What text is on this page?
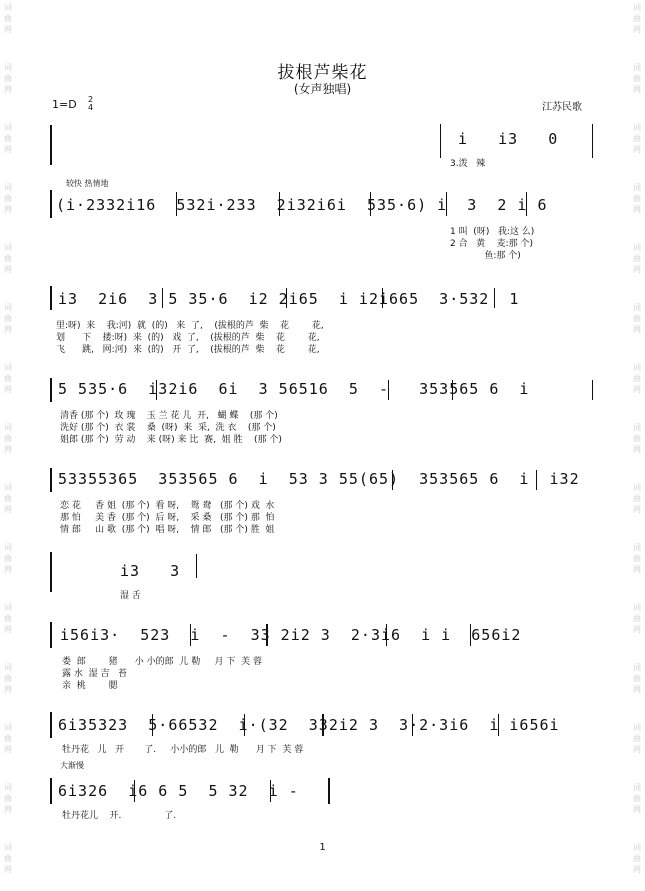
词
曲
网
词
曲
网
词
曲
网
词
曲
网
词
曲
网
词
曲
网
词
曲
网
词
曲
网
词
曲
网
词
曲
网
词
曲
网
词
曲
网
词
曲
网
词
曲
网
词
曲
网
词
曲
网
词
曲
网
词
曲
网
词
曲
网
词
曲
网
词
曲
网
词
曲
网
词
曲
网
词
曲
网
词
曲
网
词
曲
网
词
曲
网
词
曲
网
词
曲
网
词
曲
网
拔根芦柴花
(女声独唱)
1=D 2
4	江苏民歌
i   i3   0
3.泼   辣
较快 热情地
(i·2332i16  532i·233  2i32i6i  535·6) i  3  2 i 6
1 叫  (呀)   我:这 么)
2 合   黄    麦:那 个)
鱼:那 个)
i3  2i6  3 5 35·6  i2 2i65  i i2i665  3·532  1
里:呀)  来    我:河)  就  (的)   来  了,    (拔根的芦  柴    花        花,
划      下    搂:呀)  来  (的)   戏  了,    (拔根的芦  柴    花        花,
飞      跳,   网:河)  来  (的)   开  了,    (拔根的芦  柴    花        花,
5 535·6  i32i6  6i  3 56516  5  -   353565 6  i
清香 (那 个)  玫 瑰    玉 兰 花 儿  开,   蝴 蝶    (那 个)
洗好 (那 个)  衣 裳    桑  (呀)  来  采,  洗 衣    (那 个)
姐郎 (那 个)  劳 动    来 (呀) 来 比  赛,  姐 胜    (那 个)
53355365  353565 6  i  53 3 55(65)  353565 6  i  i32
恋 花     香 姐  (那 个)  看 呀,    鸳 鸯   (那 个) 戏  水
那 怕     美 香  (那 个)  后 呀,    采 桑   (那 个) 那  怕
情 郎     山 歌  (那 个)  唱 呀,    情 郎   (那 个) 胜  姐
i3   3
湿 舌
i56i3·  523  i  -  33 2i2 3  2·3i6  i i  656i2
娄  郎        猪      小 小的郎  儿 勒     月 下  芙 蓉
露 水  湿 吉   苔
亲  桃        腮
6i35323  5·66532  i·(32  332i2 3  3·2·3i6  i i656i
牡丹花   儿   开       了.     小小的郎   儿  勒      月 下  芙 蓉
大渐慢
6i326  i6 6 5  5 32  i -
牡丹花儿    开.               了.
1
